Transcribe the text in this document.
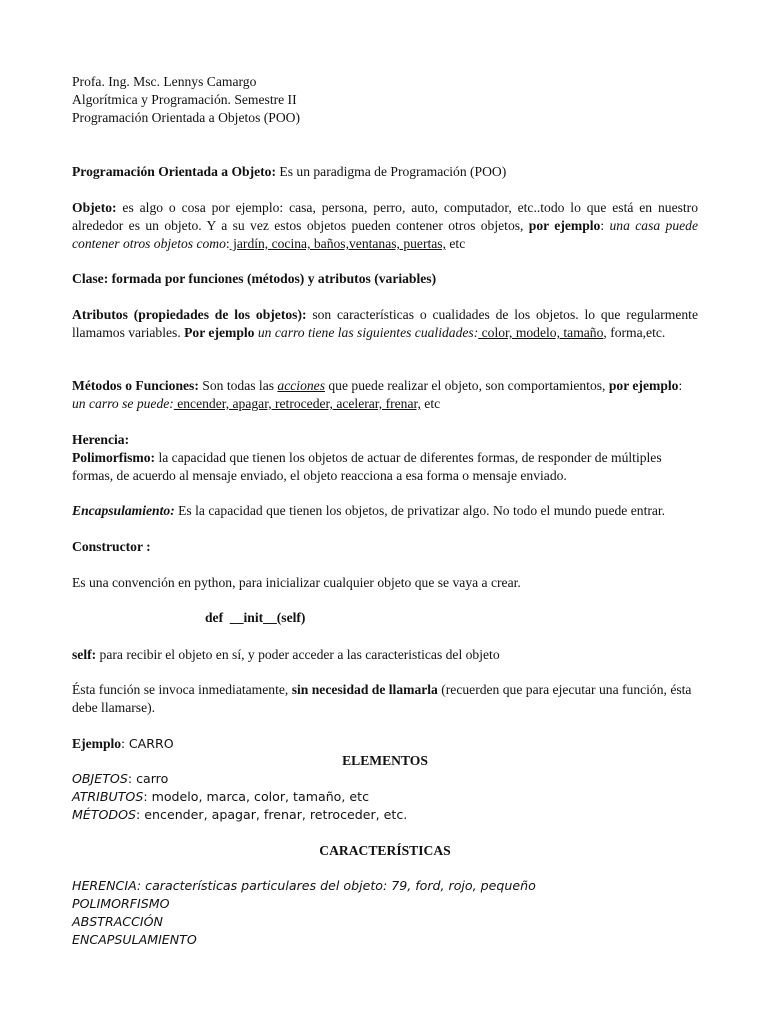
Profa. Ing. Msc. Lennys Camargo
Algorítmica y Programación. Semestre II
Programación Orientada a Objetos (POO)

Programación Orientada a Objeto: Es un paradigma de Programación (POO)

Objeto: es algo o cosa por ejemplo: casa, persona, perro, auto, computador, etc..todo lo que está en nuestro alrededor es un objeto. Y a su vez estos objetos pueden contener otros objetos, por ejemplo: una casa puede contener otros objetos como: jardín, cocina, baños,ventanas, puertas, etc

Clase: formada por funciones (métodos) y atributos (variables)

Atributos (propiedades de los objetos): son características o cualidades de los objetos. lo que regularmente llamamos variables. Por ejemplo un carro tiene las siguientes cualidades: color, modelo, tamaño, forma,etc.

Métodos o Funciones: Son todas las acciones que puede realizar el objeto, son comportamientos, por ejemplo: un carro se puede: encender, apagar, retroceder, acelerar, frenar, etc

Herencia:

Polimorfismo: la capacidad que tienen los objetos de actuar de diferentes formas, de responder de múltiples formas, de acuerdo al mensaje enviado, el objeto reacciona a esa forma o mensaje enviado.

Encapsulamiento: Es la capacidad que tienen los objetos, de privatizar algo. No todo el mundo puede entrar.

Constructor :

Es una convención en python, para inicializar cualquier objeto que se vaya a crear.

def  __init__(self)

self: para recibir el objeto en sí, y poder acceder a las caracteristicas del objeto

Ésta función se invoca inmediatamente, sin necesidad de llamarla (recuerden que para ejecutar una función, ésta debe llamarse).

Ejemplo: CARRO

ELEMENTOS

OBJETOS: carro
ATRIBUTOS: modelo, marca, color, tamaño, etc
MÉTODOS: encender, apagar, frenar, retroceder, etc.

CARACTERÍSTICAS

HERENCIA: características particulares del objeto: 79, ford, rojo, pequeño
POLIMORFISMO
ABSTRACCIÓN
ENCAPSULAMIENTO
